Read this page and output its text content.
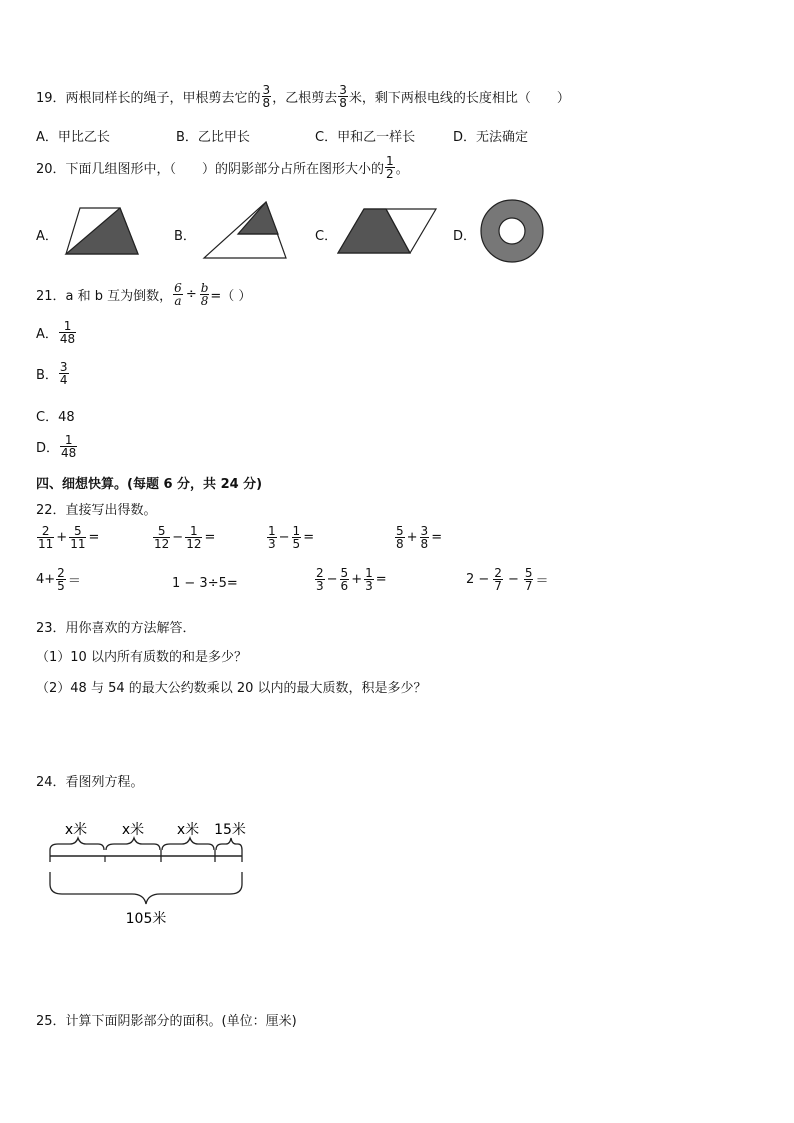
19．两根同样长的绳子，甲根剪去它的 $\frac{3}{8}$ ，乙根剪去 $\frac{3}{8}$ 米，剩下两根电线的长度相比（　　）
A．甲比乙长	B．乙比甲长	C．甲和乙一样长	D．无法确定
20．下面几组图形中，（　　）的阴影部分占所在图形大小的 $\frac{1}{2}$ 。
A．	B．	C．	D．
21．a 和 b 互为倒数， $\frac{6}{a} \div \frac{b}{8}$ =（ ）
A． $\frac{1}{48}$
B． $\frac{3}{4}$
C．48
D． $\frac{1}{48}$
四、细想快算。(每题 6 分，共 24 分)
22．直接写出得数。
$\frac{2}{11} + \frac{5}{11}$ =	$\frac{5}{12} - \frac{1}{12}$ =	$\frac{1}{3} - \frac{1}{5}$ =	$\frac{5}{8} + \frac{3}{8}$ =
$4+ \frac{2}{5}$ ＝	1 − 3÷5=	$\frac{2}{3} - \frac{5}{6} + \frac{1}{3}$ =	$2 - \frac{2}{7} - \frac{5}{7}$ ＝
23．用你喜欢的方法解答．
（1）10 以内所有质数的和是多少？
（2）48 与 54 的最大公约数乘以 20 以内的最大质数，积是多少？
24．看图列方程。
x米 x米 x米 15米
105米
25．计算下面阴影部分的面积。(单位：厘米)
